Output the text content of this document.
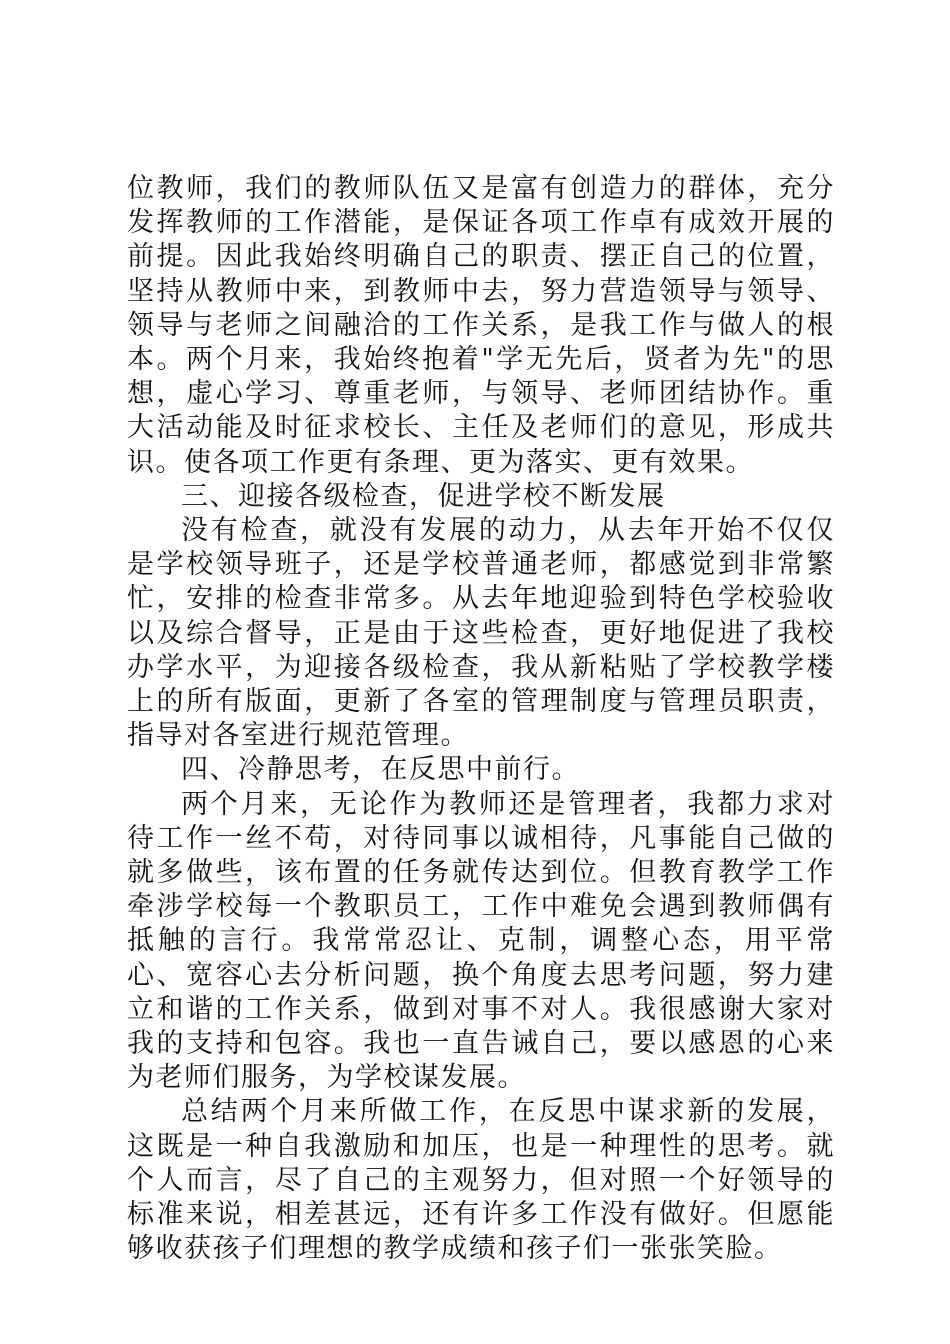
位教师，我们的教师队伍又是富有创造力的群体，充分发挥教师的工作潜能，是保证各项工作卓有成效开展的前提。因此我始终明确自己的职责、摆正自己的位置，坚持从教师中来，到教师中去，努力营造领导与领导、领导与老师之间融洽的工作关系，是我工作与做人的根本。两个月来，我始终抱着"学无先后，贤者为先"的思想，虚心学习、尊重老师，与领导、老师团结协作。重大活动能及时征求校长、主任及老师们的意见，形成共识。使各项工作更有条理、更为落实、更有效果。

三、迎接各级检查，促进学校不断发展

没有检查，就没有发展的动力，从去年开始不仅仅是学校领导班子，还是学校普通老师，都感觉到非常繁忙，安排的检查非常多。从去年地迎验到特色学校验收以及综合督导，正是由于这些检查，更好地促进了我校办学水平，为迎接各级检查，我从新粘贴了学校教学楼上的所有版面，更新了各室的管理制度与管理员职责，指导对各室进行规范管理。

四、冷静思考，在反思中前行。

两个月来，无论作为教师还是管理者，我都力求对待工作一丝不苟，对待同事以诚相待，凡事能自己做的就多做些，该布置的任务就传达到位。但教育教学工作牵涉学校每一个教职员工，工作中难免会遇到教师偶有抵触的言行。我常常忍让、克制，调整心态，用平常心、宽容心去分析问题，换个角度去思考问题，努力建立和谐的工作关系，做到对事不对人。我很感谢大家对我的支持和包容。我也一直告诫自己，要以感恩的心来为老师们服务，为学校谋发展。

总结两个月来所做工作，在反思中谋求新的发展，这既是一种自我激励和加压，也是一种理性的思考。就个人而言，尽了自己的主观努力，但对照一个好领导的标准来说，相差甚远，还有许多工作没有做好。但愿能够收获孩子们理想的教学成绩和孩子们一张张笑脸。
